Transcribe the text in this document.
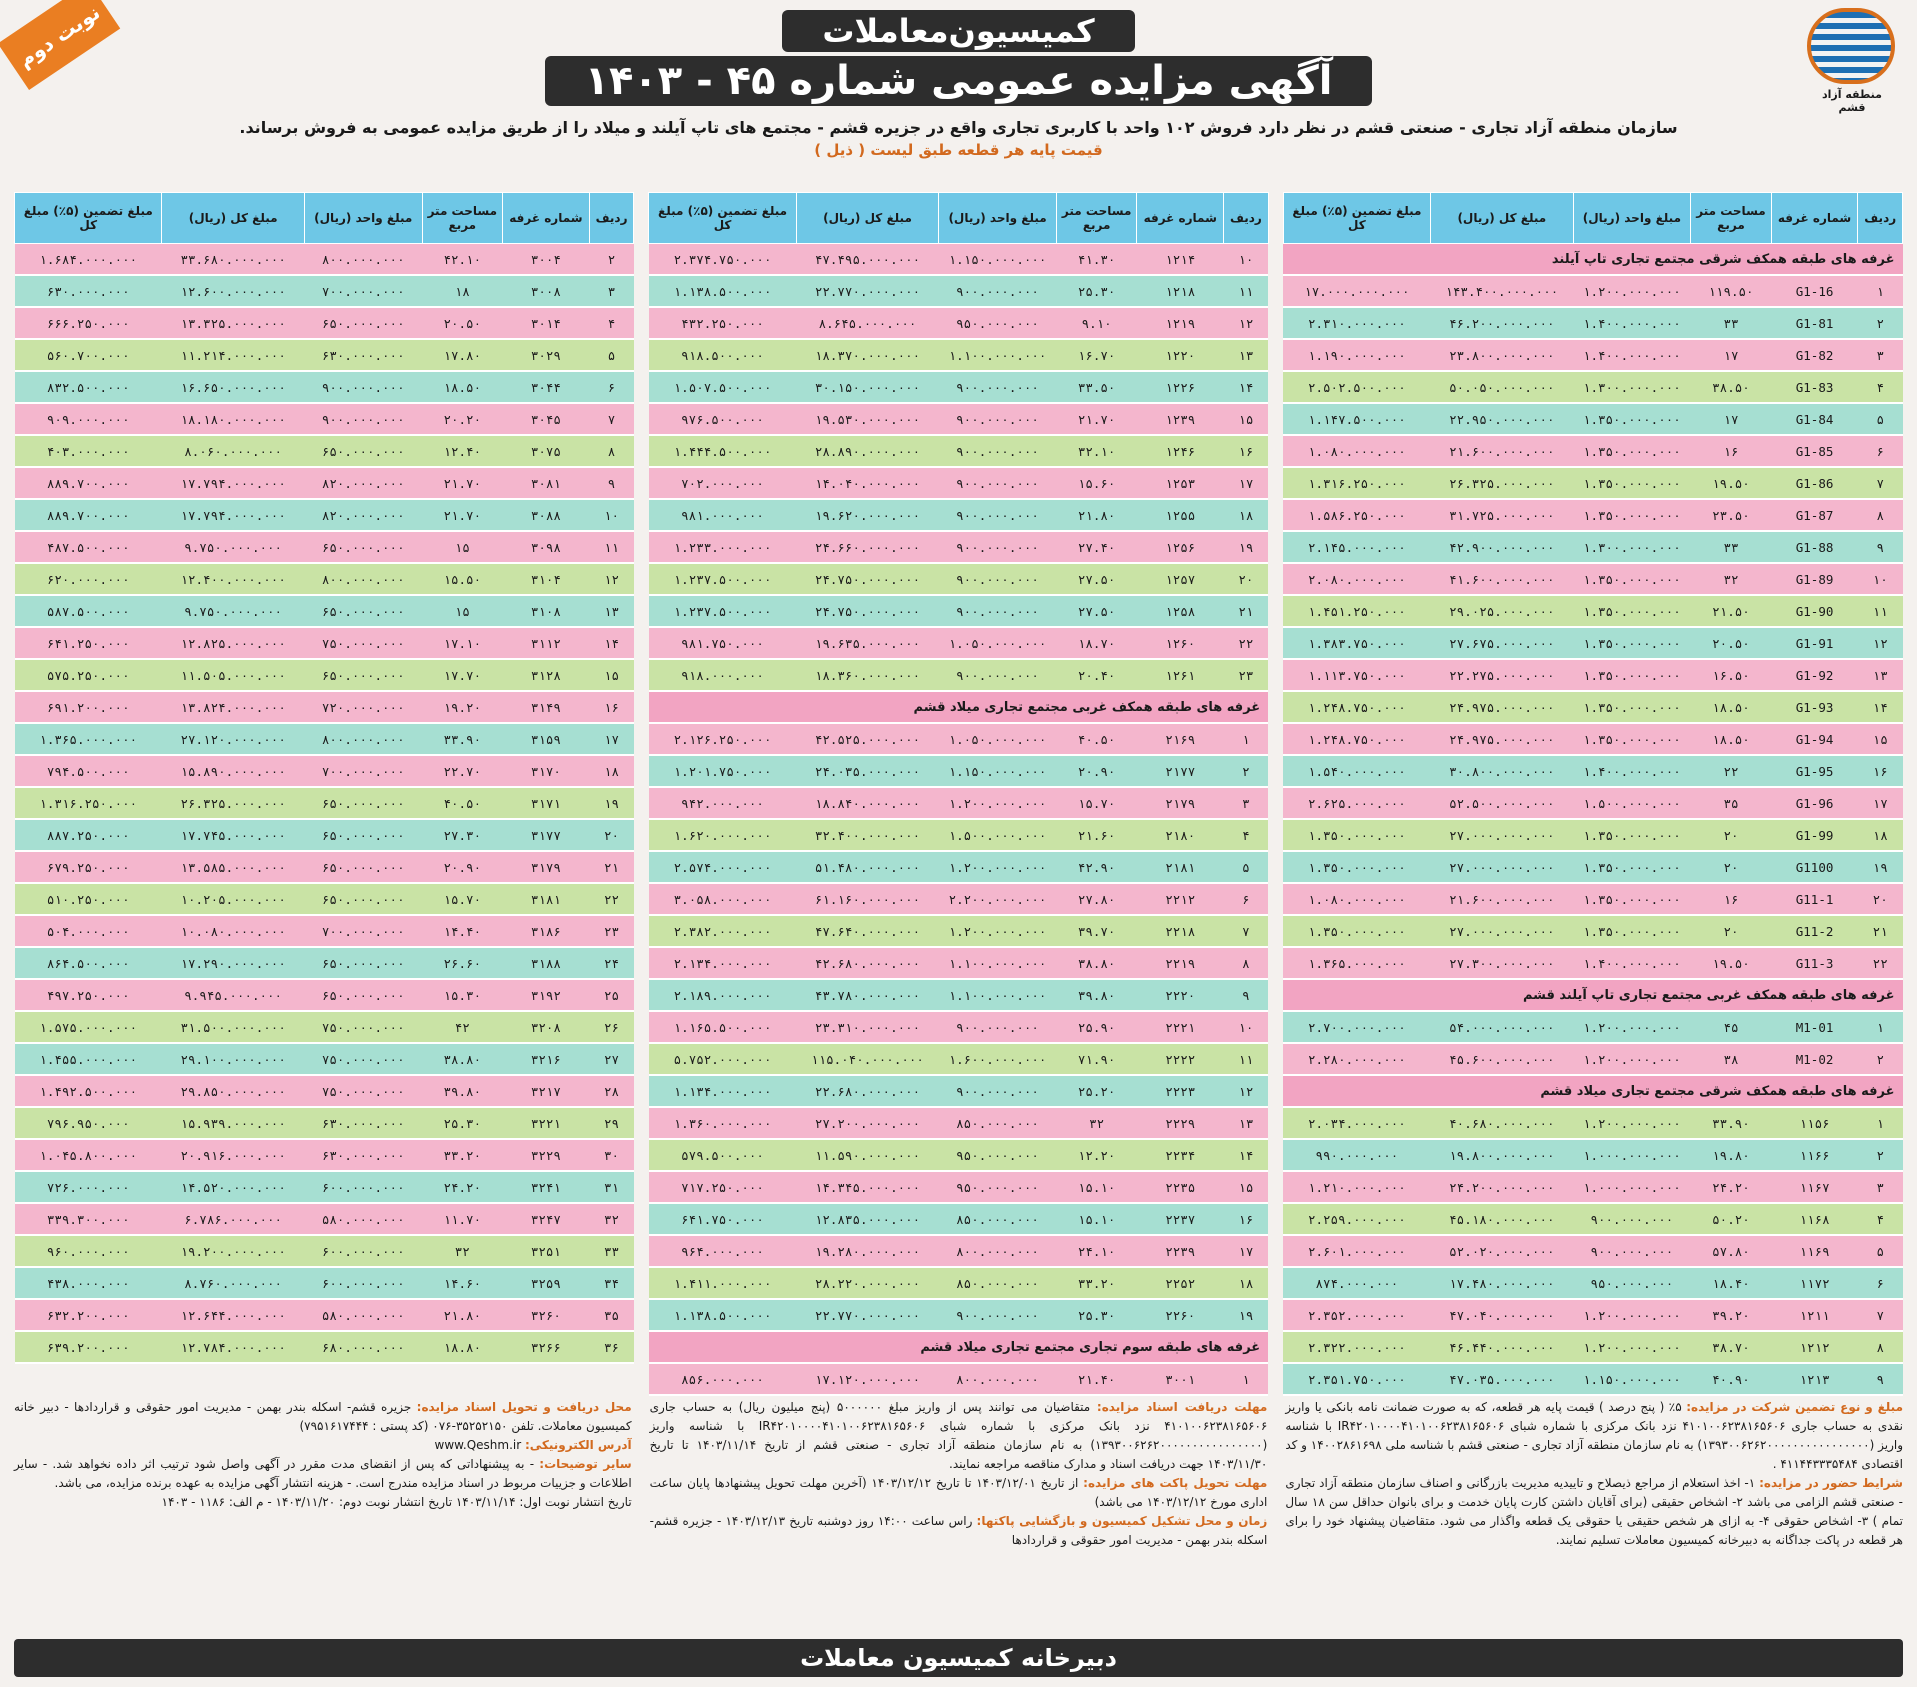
منطقه آزاد قشم
نوبت دوم	کمیسیون‌معاملات
آگهی مزایده عمومی شماره ۴۵ - ۱۴۰۳
سازمان منطقه آزاد تجاری - صنعتی قشم در نظر دارد فروش ۱۰۲ واحد با کاربری تجاری واقع در جزیره قشم - مجتمع های تاپ آیلند و میلاد را از طریق مزایده عمومی به فروش برساند.
قیمت پایه هر قطعه طبق لیست ( ذیل )
ردیف	شماره غرفه	مساحت متر مربع	مبلغ واحد (ریال)	مبلغ کل (ریال)	مبلغ تضمین (۵٪) مبلغ کل
غرفه های طبقه همکف شرقی مجتمع تجاری تاپ آیلند					
۱	G1-16	۱۱۹.۵۰	۱.۲۰۰.۰۰۰.۰۰۰	۱۴۳.۴۰۰.۰۰۰.۰۰۰	۱۷.۰۰۰.۰۰۰.۰۰۰
۲	G1-81	۳۳	۱.۴۰۰.۰۰۰.۰۰۰	۴۶.۲۰۰.۰۰۰.۰۰۰	۲.۳۱۰.۰۰۰.۰۰۰
۳	G1-82	۱۷	۱.۴۰۰.۰۰۰.۰۰۰	۲۳.۸۰۰.۰۰۰.۰۰۰	۱.۱۹۰.۰۰۰.۰۰۰
۴	G1-83	۳۸.۵۰	۱.۳۰۰.۰۰۰.۰۰۰	۵۰.۰۵۰.۰۰۰.۰۰۰	۲.۵۰۲.۵۰۰.۰۰۰
۵	G1-84	۱۷	۱.۳۵۰.۰۰۰.۰۰۰	۲۲.۹۵۰.۰۰۰.۰۰۰	۱.۱۴۷.۵۰۰.۰۰۰
۶	G1-85	۱۶	۱.۳۵۰.۰۰۰.۰۰۰	۲۱.۶۰۰.۰۰۰.۰۰۰	۱.۰۸۰.۰۰۰.۰۰۰
۷	G1-86	۱۹.۵۰	۱.۳۵۰.۰۰۰.۰۰۰	۲۶.۳۲۵.۰۰۰.۰۰۰	۱.۳۱۶.۲۵۰.۰۰۰
۸	G1-87	۲۳.۵۰	۱.۳۵۰.۰۰۰.۰۰۰	۳۱.۷۲۵.۰۰۰.۰۰۰	۱.۵۸۶.۲۵۰.۰۰۰
۹	G1-88	۳۳	۱.۳۰۰.۰۰۰.۰۰۰	۴۲.۹۰۰.۰۰۰.۰۰۰	۲.۱۴۵.۰۰۰.۰۰۰
۱۰	G1-89	۳۲	۱.۳۵۰.۰۰۰.۰۰۰	۴۱.۶۰۰.۰۰۰.۰۰۰	۲.۰۸۰.۰۰۰.۰۰۰
۱۱	G1-90	۲۱.۵۰	۱.۳۵۰.۰۰۰.۰۰۰	۲۹.۰۲۵.۰۰۰.۰۰۰	۱.۴۵۱.۲۵۰.۰۰۰
۱۲	G1-91	۲۰.۵۰	۱.۳۵۰.۰۰۰.۰۰۰	۲۷.۶۷۵.۰۰۰.۰۰۰	۱.۳۸۳.۷۵۰.۰۰۰
۱۳	G1-92	۱۶.۵۰	۱.۳۵۰.۰۰۰.۰۰۰	۲۲.۲۷۵.۰۰۰.۰۰۰	۱.۱۱۳.۷۵۰.۰۰۰
۱۴	G1-93	۱۸.۵۰	۱.۳۵۰.۰۰۰.۰۰۰	۲۴.۹۷۵.۰۰۰.۰۰۰	۱.۲۴۸.۷۵۰.۰۰۰
۱۵	G1-94	۱۸.۵۰	۱.۳۵۰.۰۰۰.۰۰۰	۲۴.۹۷۵.۰۰۰.۰۰۰	۱.۲۴۸.۷۵۰.۰۰۰
۱۶	G1-95	۲۲	۱.۴۰۰.۰۰۰.۰۰۰	۳۰.۸۰۰.۰۰۰.۰۰۰	۱.۵۴۰.۰۰۰.۰۰۰
۱۷	G1-96	۳۵	۱.۵۰۰.۰۰۰.۰۰۰	۵۲.۵۰۰.۰۰۰.۰۰۰	۲.۶۲۵.۰۰۰.۰۰۰
۱۸	G1-99	۲۰	۱.۳۵۰.۰۰۰.۰۰۰	۲۷.۰۰۰.۰۰۰.۰۰۰	۱.۳۵۰.۰۰۰.۰۰۰
۱۹	G1100	۲۰	۱.۳۵۰.۰۰۰.۰۰۰	۲۷.۰۰۰.۰۰۰.۰۰۰	۱.۳۵۰.۰۰۰.۰۰۰
۲۰	G11-1	۱۶	۱.۳۵۰.۰۰۰.۰۰۰	۲۱.۶۰۰.۰۰۰.۰۰۰	۱.۰۸۰.۰۰۰.۰۰۰
۲۱	G11-2	۲۰	۱.۳۵۰.۰۰۰.۰۰۰	۲۷.۰۰۰.۰۰۰.۰۰۰	۱.۳۵۰.۰۰۰.۰۰۰
۲۲	G11-3	۱۹.۵۰	۱.۴۰۰.۰۰۰.۰۰۰	۲۷.۳۰۰.۰۰۰.۰۰۰	۱.۳۶۵.۰۰۰.۰۰۰
غرفه های طبقه همکف غربی مجتمع تجاری تاپ آیلند قشم					
۱	M1-01	۴۵	۱.۲۰۰.۰۰۰.۰۰۰	۵۴.۰۰۰.۰۰۰.۰۰۰	۲.۷۰۰.۰۰۰.۰۰۰
۲	M1-02	۳۸	۱.۲۰۰.۰۰۰.۰۰۰	۴۵.۶۰۰.۰۰۰.۰۰۰	۲.۲۸۰.۰۰۰.۰۰۰
غرفه های طبقه همکف شرقی مجتمع تجاری میلاد قشم					
۱	۱۱۵۶	۳۳.۹۰	۱.۲۰۰.۰۰۰.۰۰۰	۴۰.۶۸۰.۰۰۰.۰۰۰	۲.۰۳۴.۰۰۰.۰۰۰
۲	۱۱۶۶	۱۹.۸۰	۱.۰۰۰.۰۰۰.۰۰۰	۱۹.۸۰۰.۰۰۰.۰۰۰	۹۹۰.۰۰۰.۰۰۰
۳	۱۱۶۷	۲۴.۲۰	۱.۰۰۰.۰۰۰.۰۰۰	۲۴.۲۰۰.۰۰۰.۰۰۰	۱.۲۱۰.۰۰۰.۰۰۰
۴	۱۱۶۸	۵۰.۲۰	۹۰۰.۰۰۰.۰۰۰	۴۵.۱۸۰.۰۰۰.۰۰۰	۲.۲۵۹.۰۰۰.۰۰۰
۵	۱۱۶۹	۵۷.۸۰	۹۰۰.۰۰۰.۰۰۰	۵۲.۰۲۰.۰۰۰.۰۰۰	۲.۶۰۱.۰۰۰.۰۰۰
۶	۱۱۷۲	۱۸.۴۰	۹۵۰.۰۰۰.۰۰۰	۱۷.۴۸۰.۰۰۰.۰۰۰	۸۷۴.۰۰۰.۰۰۰
۷	۱۲۱۱	۳۹.۲۰	۱.۲۰۰.۰۰۰.۰۰۰	۴۷.۰۴۰.۰۰۰.۰۰۰	۲.۳۵۲.۰۰۰.۰۰۰
۸	۱۲۱۲	۳۸.۷۰	۱.۲۰۰.۰۰۰.۰۰۰	۴۶.۴۴۰.۰۰۰.۰۰۰	۲.۳۲۲.۰۰۰.۰۰۰
۹	۱۲۱۳	۴۰.۹۰	۱.۱۵۰.۰۰۰.۰۰۰	۴۷.۰۳۵.۰۰۰.۰۰۰	۲.۳۵۱.۷۵۰.۰۰۰
ردیف	شماره غرفه	مساحت متر مربع	مبلغ واحد (ریال)	مبلغ کل (ریال)	مبلغ تضمین (۵٪) مبلغ کل
۱۰	۱۲۱۴	۴۱.۳۰	۱.۱۵۰.۰۰۰.۰۰۰	۴۷.۴۹۵.۰۰۰.۰۰۰	۲.۳۷۴.۷۵۰.۰۰۰
۱۱	۱۲۱۸	۲۵.۳۰	۹۰۰.۰۰۰.۰۰۰	۲۲.۷۷۰.۰۰۰.۰۰۰	۱.۱۳۸.۵۰۰.۰۰۰
۱۲	۱۲۱۹	۹.۱۰	۹۵۰.۰۰۰.۰۰۰	۸.۶۴۵.۰۰۰.۰۰۰	۴۳۲.۲۵۰.۰۰۰
۱۳	۱۲۲۰	۱۶.۷۰	۱.۱۰۰.۰۰۰.۰۰۰	۱۸.۳۷۰.۰۰۰.۰۰۰	۹۱۸.۵۰۰.۰۰۰
۱۴	۱۲۲۶	۳۳.۵۰	۹۰۰.۰۰۰.۰۰۰	۳۰.۱۵۰.۰۰۰.۰۰۰	۱.۵۰۷.۵۰۰.۰۰۰
۱۵	۱۲۳۹	۲۱.۷۰	۹۰۰.۰۰۰.۰۰۰	۱۹.۵۳۰.۰۰۰.۰۰۰	۹۷۶.۵۰۰.۰۰۰
۱۶	۱۲۴۶	۳۲.۱۰	۹۰۰.۰۰۰.۰۰۰	۲۸.۸۹۰.۰۰۰.۰۰۰	۱.۴۴۴.۵۰۰.۰۰۰
۱۷	۱۲۵۳	۱۵.۶۰	۹۰۰.۰۰۰.۰۰۰	۱۴.۰۴۰.۰۰۰.۰۰۰	۷۰۲.۰۰۰.۰۰۰
۱۸	۱۲۵۵	۲۱.۸۰	۹۰۰.۰۰۰.۰۰۰	۱۹.۶۲۰.۰۰۰.۰۰۰	۹۸۱.۰۰۰.۰۰۰
۱۹	۱۲۵۶	۲۷.۴۰	۹۰۰.۰۰۰.۰۰۰	۲۴.۶۶۰.۰۰۰.۰۰۰	۱.۲۳۳.۰۰۰.۰۰۰
۲۰	۱۲۵۷	۲۷.۵۰	۹۰۰.۰۰۰.۰۰۰	۲۴.۷۵۰.۰۰۰.۰۰۰	۱.۲۳۷.۵۰۰.۰۰۰
۲۱	۱۲۵۸	۲۷.۵۰	۹۰۰.۰۰۰.۰۰۰	۲۴.۷۵۰.۰۰۰.۰۰۰	۱.۲۳۷.۵۰۰.۰۰۰
۲۲	۱۲۶۰	۱۸.۷۰	۱.۰۵۰.۰۰۰.۰۰۰	۱۹.۶۳۵.۰۰۰.۰۰۰	۹۸۱.۷۵۰.۰۰۰
۲۳	۱۲۶۱	۲۰.۴۰	۹۰۰.۰۰۰.۰۰۰	۱۸.۳۶۰.۰۰۰.۰۰۰	۹۱۸.۰۰۰.۰۰۰
غرفه های طبقه همکف غربی مجتمع تجاری میلاد قشم					
۱	۲۱۶۹	۴۰.۵۰	۱.۰۵۰.۰۰۰.۰۰۰	۴۲.۵۲۵.۰۰۰.۰۰۰	۲.۱۲۶.۲۵۰.۰۰۰
۲	۲۱۷۷	۲۰.۹۰	۱.۱۵۰.۰۰۰.۰۰۰	۲۴.۰۳۵.۰۰۰.۰۰۰	۱.۲۰۱.۷۵۰.۰۰۰
۳	۲۱۷۹	۱۵.۷۰	۱.۲۰۰.۰۰۰.۰۰۰	۱۸.۸۴۰.۰۰۰.۰۰۰	۹۴۲.۰۰۰.۰۰۰
۴	۲۱۸۰	۲۱.۶۰	۱.۵۰۰.۰۰۰.۰۰۰	۳۲.۴۰۰.۰۰۰.۰۰۰	۱.۶۲۰.۰۰۰.۰۰۰
۵	۲۱۸۱	۴۲.۹۰	۱.۲۰۰.۰۰۰.۰۰۰	۵۱.۴۸۰.۰۰۰.۰۰۰	۲.۵۷۴.۰۰۰.۰۰۰
۶	۲۲۱۲	۲۷.۸۰	۲.۲۰۰.۰۰۰.۰۰۰	۶۱.۱۶۰.۰۰۰.۰۰۰	۳.۰۵۸.۰۰۰.۰۰۰
۷	۲۲۱۸	۳۹.۷۰	۱.۲۰۰.۰۰۰.۰۰۰	۴۷.۶۴۰.۰۰۰.۰۰۰	۲.۳۸۲.۰۰۰.۰۰۰
۸	۲۲۱۹	۳۸.۸۰	۱.۱۰۰.۰۰۰.۰۰۰	۴۲.۶۸۰.۰۰۰.۰۰۰	۲.۱۳۴.۰۰۰.۰۰۰
۹	۲۲۲۰	۳۹.۸۰	۱.۱۰۰.۰۰۰.۰۰۰	۴۳.۷۸۰.۰۰۰.۰۰۰	۲.۱۸۹.۰۰۰.۰۰۰
۱۰	۲۲۲۱	۲۵.۹۰	۹۰۰.۰۰۰.۰۰۰	۲۳.۳۱۰.۰۰۰.۰۰۰	۱.۱۶۵.۵۰۰.۰۰۰
۱۱	۲۲۲۲	۷۱.۹۰	۱.۶۰۰.۰۰۰.۰۰۰	۱۱۵.۰۴۰.۰۰۰.۰۰۰	۵.۷۵۲.۰۰۰.۰۰۰
۱۲	۲۲۲۳	۲۵.۲۰	۹۰۰.۰۰۰.۰۰۰	۲۲.۶۸۰.۰۰۰.۰۰۰	۱.۱۳۴.۰۰۰.۰۰۰
۱۳	۲۲۲۹	۳۲	۸۵۰.۰۰۰.۰۰۰	۲۷.۲۰۰.۰۰۰.۰۰۰	۱.۳۶۰.۰۰۰.۰۰۰
۱۴	۲۲۳۴	۱۲.۲۰	۹۵۰.۰۰۰.۰۰۰	۱۱.۵۹۰.۰۰۰.۰۰۰	۵۷۹.۵۰۰.۰۰۰
۱۵	۲۲۳۵	۱۵.۱۰	۹۵۰.۰۰۰.۰۰۰	۱۴.۳۴۵.۰۰۰.۰۰۰	۷۱۷.۲۵۰.۰۰۰
۱۶	۲۲۳۷	۱۵.۱۰	۸۵۰.۰۰۰.۰۰۰	۱۲.۸۳۵.۰۰۰.۰۰۰	۶۴۱.۷۵۰.۰۰۰
۱۷	۲۲۳۹	۲۴.۱۰	۸۰۰.۰۰۰.۰۰۰	۱۹.۲۸۰.۰۰۰.۰۰۰	۹۶۴.۰۰۰.۰۰۰
۱۸	۲۲۵۲	۳۳.۲۰	۸۵۰.۰۰۰.۰۰۰	۲۸.۲۲۰.۰۰۰.۰۰۰	۱.۴۱۱.۰۰۰.۰۰۰
۱۹	۲۲۶۰	۲۵.۳۰	۹۰۰.۰۰۰.۰۰۰	۲۲.۷۷۰.۰۰۰.۰۰۰	۱.۱۳۸.۵۰۰.۰۰۰
غرفه های طبقه سوم تجاری مجتمع تجاری میلاد قشم					
۱	۳۰۰۱	۲۱.۴۰	۸۰۰.۰۰۰.۰۰۰	۱۷.۱۲۰.۰۰۰.۰۰۰	۸۵۶.۰۰۰.۰۰۰
ردیف	شماره غرفه	مساحت متر مربع	مبلغ واحد (ریال)	مبلغ کل (ریال)	مبلغ تضمین (۵٪) مبلغ کل
۲	۳۰۰۴	۴۲.۱۰	۸۰۰.۰۰۰.۰۰۰	۳۳.۶۸۰.۰۰۰.۰۰۰	۱.۶۸۴.۰۰۰.۰۰۰
۳	۳۰۰۸	۱۸	۷۰۰.۰۰۰.۰۰۰	۱۲.۶۰۰.۰۰۰.۰۰۰	۶۳۰.۰۰۰.۰۰۰
۴	۳۰۱۴	۲۰.۵۰	۶۵۰.۰۰۰.۰۰۰	۱۳.۳۲۵.۰۰۰.۰۰۰	۶۶۶.۲۵۰.۰۰۰
۵	۳۰۲۹	۱۷.۸۰	۶۳۰.۰۰۰.۰۰۰	۱۱.۲۱۴.۰۰۰.۰۰۰	۵۶۰.۷۰۰.۰۰۰
۶	۳۰۴۴	۱۸.۵۰	۹۰۰.۰۰۰.۰۰۰	۱۶.۶۵۰.۰۰۰.۰۰۰	۸۳۲.۵۰۰.۰۰۰
۷	۳۰۴۵	۲۰.۲۰	۹۰۰.۰۰۰.۰۰۰	۱۸.۱۸۰.۰۰۰.۰۰۰	۹۰۹.۰۰۰.۰۰۰
۸	۳۰۷۵	۱۲.۴۰	۶۵۰.۰۰۰.۰۰۰	۸.۰۶۰.۰۰۰.۰۰۰	۴۰۳.۰۰۰.۰۰۰
۹	۳۰۸۱	۲۱.۷۰	۸۲۰.۰۰۰.۰۰۰	۱۷.۷۹۴.۰۰۰.۰۰۰	۸۸۹.۷۰۰.۰۰۰
۱۰	۳۰۸۸	۲۱.۷۰	۸۲۰.۰۰۰.۰۰۰	۱۷.۷۹۴.۰۰۰.۰۰۰	۸۸۹.۷۰۰.۰۰۰
۱۱	۳۰۹۸	۱۵	۶۵۰.۰۰۰.۰۰۰	۹.۷۵۰.۰۰۰.۰۰۰	۴۸۷.۵۰۰.۰۰۰
۱۲	۳۱۰۴	۱۵.۵۰	۸۰۰.۰۰۰.۰۰۰	۱۲.۴۰۰.۰۰۰.۰۰۰	۶۲۰.۰۰۰.۰۰۰
۱۳	۳۱۰۸	۱۵	۶۵۰.۰۰۰.۰۰۰	۹.۷۵۰.۰۰۰.۰۰۰	۵۸۷.۵۰۰.۰۰۰
۱۴	۳۱۱۲	۱۷.۱۰	۷۵۰.۰۰۰.۰۰۰	۱۲.۸۲۵.۰۰۰.۰۰۰	۶۴۱.۲۵۰.۰۰۰
۱۵	۳۱۲۸	۱۷.۷۰	۶۵۰.۰۰۰.۰۰۰	۱۱.۵۰۵.۰۰۰.۰۰۰	۵۷۵.۲۵۰.۰۰۰
۱۶	۳۱۴۹	۱۹.۲۰	۷۲۰.۰۰۰.۰۰۰	۱۳.۸۲۴.۰۰۰.۰۰۰	۶۹۱.۲۰۰.۰۰۰
۱۷	۳۱۵۹	۳۳.۹۰	۸۰۰.۰۰۰.۰۰۰	۲۷.۱۲۰.۰۰۰.۰۰۰	۱.۳۶۵.۰۰۰.۰۰۰
۱۸	۳۱۷۰	۲۲.۷۰	۷۰۰.۰۰۰.۰۰۰	۱۵.۸۹۰.۰۰۰.۰۰۰	۷۹۴.۵۰۰.۰۰۰
۱۹	۳۱۷۱	۴۰.۵۰	۶۵۰.۰۰۰.۰۰۰	۲۶.۳۲۵.۰۰۰.۰۰۰	۱.۳۱۶.۲۵۰.۰۰۰
۲۰	۳۱۷۷	۲۷.۳۰	۶۵۰.۰۰۰.۰۰۰	۱۷.۷۴۵.۰۰۰.۰۰۰	۸۸۷.۲۵۰.۰۰۰
۲۱	۳۱۷۹	۲۰.۹۰	۶۵۰.۰۰۰.۰۰۰	۱۳.۵۸۵.۰۰۰.۰۰۰	۶۷۹.۲۵۰.۰۰۰
۲۲	۳۱۸۱	۱۵.۷۰	۶۵۰.۰۰۰.۰۰۰	۱۰.۲۰۵.۰۰۰.۰۰۰	۵۱۰.۲۵۰.۰۰۰
۲۳	۳۱۸۶	۱۴.۴۰	۷۰۰.۰۰۰.۰۰۰	۱۰.۰۸۰.۰۰۰.۰۰۰	۵۰۴.۰۰۰.۰۰۰
۲۴	۳۱۸۸	۲۶.۶۰	۶۵۰.۰۰۰.۰۰۰	۱۷.۲۹۰.۰۰۰.۰۰۰	۸۶۴.۵۰۰.۰۰۰
۲۵	۳۱۹۲	۱۵.۳۰	۶۵۰.۰۰۰.۰۰۰	۹.۹۴۵.۰۰۰.۰۰۰	۴۹۷.۲۵۰.۰۰۰
۲۶	۳۲۰۸	۴۲	۷۵۰.۰۰۰.۰۰۰	۳۱.۵۰۰.۰۰۰.۰۰۰	۱.۵۷۵.۰۰۰.۰۰۰
۲۷	۳۲۱۶	۳۸.۸۰	۷۵۰.۰۰۰.۰۰۰	۲۹.۱۰۰.۰۰۰.۰۰۰	۱.۴۵۵.۰۰۰.۰۰۰
۲۸	۳۲۱۷	۳۹.۸۰	۷۵۰.۰۰۰.۰۰۰	۲۹.۸۵۰.۰۰۰.۰۰۰	۱.۴۹۲.۵۰۰.۰۰۰
۲۹	۳۲۲۱	۲۵.۳۰	۶۳۰.۰۰۰.۰۰۰	۱۵.۹۳۹.۰۰۰.۰۰۰	۷۹۶.۹۵۰.۰۰۰
۳۰	۳۲۲۹	۳۳.۲۰	۶۳۰.۰۰۰.۰۰۰	۲۰.۹۱۶.۰۰۰.۰۰۰	۱.۰۴۵.۸۰۰.۰۰۰
۳۱	۳۲۴۱	۲۴.۲۰	۶۰۰.۰۰۰.۰۰۰	۱۴.۵۲۰.۰۰۰.۰۰۰	۷۲۶.۰۰۰.۰۰۰
۳۲	۳۲۴۷	۱۱.۷۰	۵۸۰.۰۰۰.۰۰۰	۶.۷۸۶.۰۰۰.۰۰۰	۳۳۹.۳۰۰.۰۰۰
۳۳	۳۲۵۱	۳۲	۶۰۰.۰۰۰.۰۰۰	۱۹.۲۰۰.۰۰۰.۰۰۰	۹۶۰.۰۰۰.۰۰۰
۳۴	۳۲۵۹	۱۴.۶۰	۶۰۰.۰۰۰.۰۰۰	۸.۷۶۰.۰۰۰.۰۰۰	۴۳۸.۰۰۰.۰۰۰
۳۵	۳۲۶۰	۲۱.۸۰	۵۸۰.۰۰۰.۰۰۰	۱۲.۶۴۴.۰۰۰.۰۰۰	۶۳۲.۲۰۰.۰۰۰
۳۶	۳۲۶۶	۱۸.۸۰	۶۸۰.۰۰۰.۰۰۰	۱۲.۷۸۴.۰۰۰.۰۰۰	۶۳۹.۲۰۰.۰۰۰
مبلغ و نوع تضمین شرکت در مزایده: ۵٪ ( پنج درصد ) قیمت پایه هر قطعه، که به صورت ضمانت نامه بانکی یا واریز نقدی به حساب جاری ۴۱۰۱۰۰۶۲۳۸۱۶۵۶۰۶ نزد بانک مرکزی با شماره شبای IR۴۲۰۱۰۰۰۰۴۱۰۱۰۰۶۲۳۸۱۶۵۶۰۶ با شناسه واریز (۱۳۹۳۰۰۶۲۶۲۰۰۰۰۰۰۰۰۰۰۰۰۰۰۰۰) به نام سازمان منطقه آزاد تجاری - صنعتی قشم با شناسه ملی ۱۴۰۰۲۸۶۱۶۹۸ و کد اقتصادی ۴۱۱۴۴۳۳۳۵۴۸۴ .
شرایط حضور در مزایده: ۱- اخذ استعلام از مراجع ذیصلاح و تاییدیه مدیریت بازرگانی و اصناف سازمان منطقه آزاد تجاری - صنعتی قشم الزامی می باشد ۲- اشخاص حقیقی (برای آقایان داشتن کارت پایان خدمت و برای بانوان حداقل سن ۱۸ سال تمام ) ۳- اشخاص حقوقی ۴- به ازای هر شخص حقیقی یا حقوقی یک قطعه واگذار می شود. متقاضیان پیشنهاد خود را برای هر قطعه در پاکت جداگانه به دبیرخانه کمیسیون معاملات تسلیم نمایند.
مهلت دریافت اسناد مزایده: متقاضیان می توانند پس از واریز مبلغ ۵۰۰۰۰۰۰ (پنج میلیون ریال) به حساب جاری ۴۱۰۱۰۰۶۲۳۸۱۶۵۶۰۶ نزد بانک مرکزی با شماره شبای IR۴۲۰۱۰۰۰۰۴۱۰۱۰۰۶۲۳۸۱۶۵۶۰۶ با شناسه واریز (۱۳۹۳۰۰۶۲۶۲۰۰۰۰۰۰۰۰۰۰۰۰۰۰۰۰) به نام سازمان منطقه آزاد تجاری - صنعتی قشم از تاریخ ۱۴۰۳/۱۱/۱۴ تا تاریخ ۱۴۰۳/۱۱/۳۰ جهت دریافت اسناد و مدارک مناقصه مراجعه نمایند.
مهلت تحویل پاکت های مزایده: از تاریخ ۱۴۰۳/۱۲/۰۱ تا تاریخ ۱۴۰۳/۱۲/۱۲ (آخرین مهلت تحویل پیشنهادها پایان ساعت اداری مورخ ۱۴۰۳/۱۲/۱۲ می باشد)
زمان و محل تشکیل کمیسیون و بازگشایی پاکتها: راس ساعت ۱۴:۰۰ روز دوشنبه تاریخ ۱۴۰۳/۱۲/۱۳ - جزیره قشم- اسکله بندر بهمن - مدیریت امور حقوقی و قراردادها
محل دریافت و تحویل اسناد مزایده: جزیره قشم- اسکله بندر بهمن - مدیریت امور حقوقی و قراردادها - دبیر خانه کمیسیون معاملات. تلفن ۳۵۲۵۲۱۵۰-۰۷۶ (کد پستی : ۷۹۵۱۶۱۷۴۴۴)
آدرس الکترونیکی: www.Qeshm.ir
سایر توضیحات: - به پیشنهاداتی که پس از انقضای مدت مقرر در آگهی واصل شود ترتیب اثر داده نخواهد شد. - سایر اطلاعات و جزییات مربوط در اسناد مزایده مندرج است. - هزینه انتشار آگهی مزایده به عهده برنده مزایده، می باشد.
تاریخ انتشار نوبت اول: ۱۴۰۳/۱۱/۱۴ تاریخ انتشار نوبت دوم: ۱۴۰۳/۱۱/۲۰ - م الف: ۱۱۸۶ - ۱۴۰۳
دبیرخانه کمیسیون معاملات
